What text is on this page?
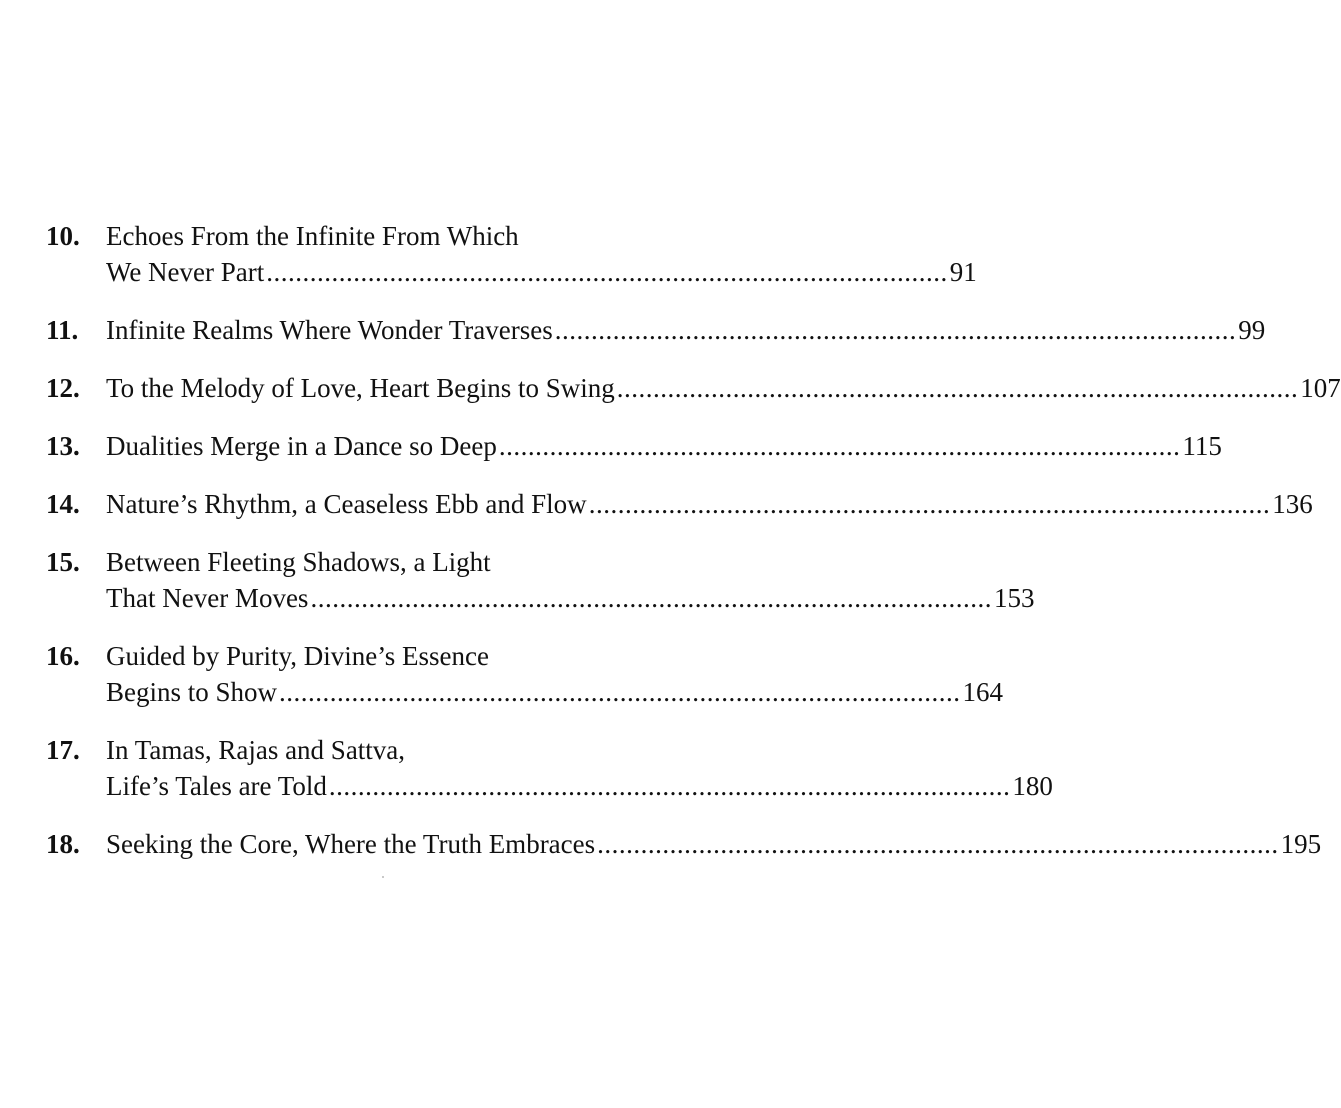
10. Echoes From the Infinite From Which
We Never Part .............................................................................................. 91
11. Infinite Realms Where Wonder Traverses .............................................................................................. 99
12. To the Melody of Love, Heart Begins to Swing .............................................................................................. 107
13. Dualities Merge in a Dance so Deep .............................................................................................. 115
14. Nature’s Rhythm, a Ceaseless Ebb and Flow .............................................................................................. 136
15. Between Fleeting Shadows, a Light
That Never Moves .............................................................................................. 153
16. Guided by Purity, Divine’s Essence
Begins to Show .............................................................................................. 164
17. In Tamas, Rajas and Sattva,
Life’s Tales are Told .............................................................................................. 180
18. Seeking the Core, Where the Truth Embraces .............................................................................................. 195
